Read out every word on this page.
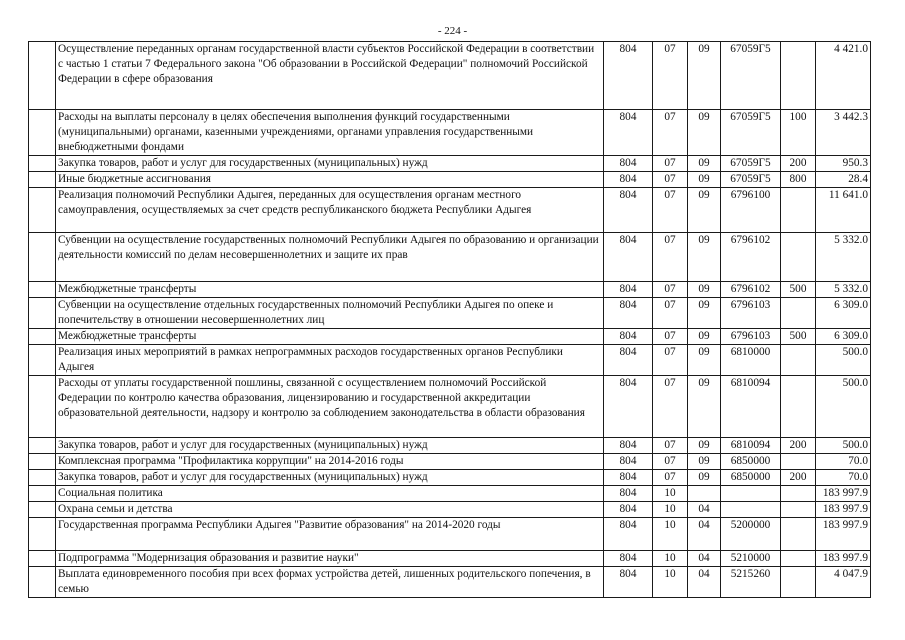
- 224 -
	Осуществление переданных органам государственной власти субъектов Российской Федерации в соответствии с частью 1 статьи 7 Федерального закона "Об образовании в Российской Федерации" полномочий Российской Федерации в сфере образования	804	07	09	67059Г5		4 421.0
	Расходы на выплаты персоналу в целях обеспечения выполнения функций государственными (муниципальными) органами, казенными учреждениями, органами управления государственными внебюджетными фондами	804	07	09	67059Г5	100	3 442.3
	Закупка товаров, работ и услуг для государственных (муниципальных) нужд	804	07	09	67059Г5	200	950.3
	Иные бюджетные ассигнования	804	07	09	67059Г5	800	28.4
	Реализация полномочий Республики Адыгея, переданных для осуществления органам местного самоуправления, осуществляемых за счет средств республиканского бюджета Республики Адыгея	804	07	09	6796100		11 641.0
	Субвенции на осуществление государственных полномочий Республики Адыгея по образованию и организации деятельности комиссий по делам несовершеннолетних и защите их прав	804	07	09	6796102		5 332.0
	Межбюджетные трансферты	804	07	09	6796102	500	5 332.0
	Субвенции на осуществление отдельных государственных полномочий Республики Адыгея по опеке и попечительству в отношении несовершеннолетних лиц	804	07	09	6796103		6 309.0
	Межбюджетные трансферты	804	07	09	6796103	500	6 309.0
	Реализация иных мероприятий в рамках непрограммных расходов государственных органов Республики Адыгея	804	07	09	6810000		500.0
	Расходы от уплаты государственной пошлины, связанной с осуществлением полномочий Российской Федерации по контролю качества образования, лицензированию и государственной аккредитации образовательной деятельности, надзору и контролю за соблюдением законодательства в области образования	804	07	09	6810094		500.0
	Закупка товаров, работ и услуг для государственных (муниципальных) нужд	804	07	09	6810094	200	500.0
	Комплексная программа "Профилактика коррупции" на 2014-2016 годы	804	07	09	6850000		70.0
	Закупка товаров, работ и услуг для государственных (муниципальных) нужд	804	07	09	6850000	200	70.0
	Социальная политика	804	10				183 997.9
	Охрана семьи и детства	804	10	04			183 997.9
	Государственная программа Республики Адыгея "Развитие образования" на 2014-2020 годы	804	10	04	5200000		183 997.9
	Подпрограмма "Модернизация образования и развитие науки"	804	10	04	5210000		183 997.9
	Выплата единовременного пособия при всех формах устройства детей, лишенных родительского попечения, в семью	804	10	04	5215260		4 047.9
